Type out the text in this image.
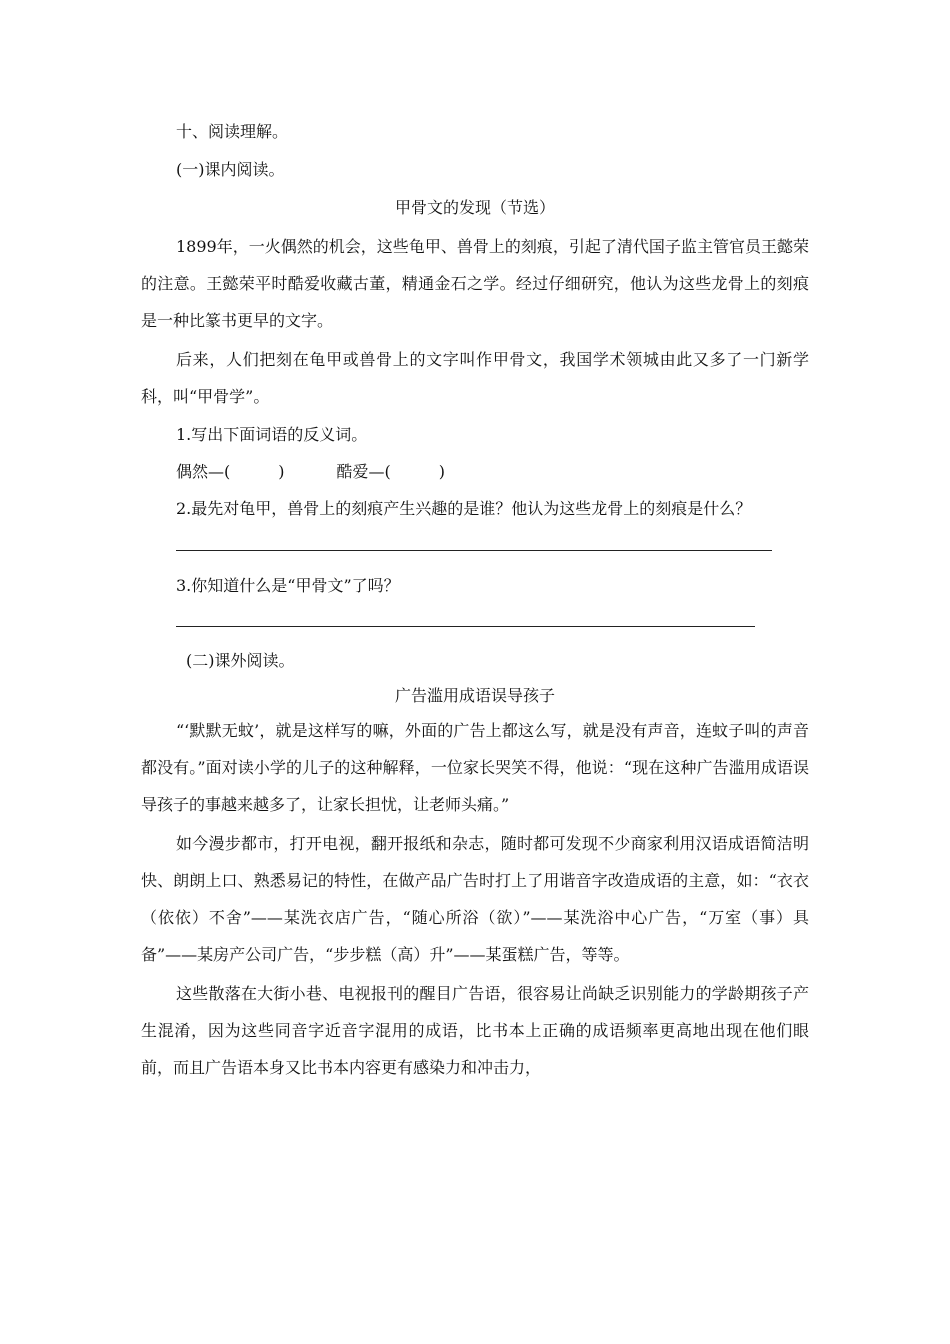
十、阅读理解。
(一)课内阅读。
甲骨文的发现（节选）
1899年，一火偶然的机会，这些龟甲、兽骨上的刻痕，引起了清代国子监主管官员王懿荣的注意。王懿荣平时酷爱收藏古董，精通金石之学。经过仔细研究，他认为这些龙骨上的刻痕是一种比篆书更早的文字。
后来，人们把刻在龟甲或兽骨上的文字叫作甲骨文，我国学术领城由此又多了一门新学科，叫“甲骨学”。
1.写出下面词语的反义词。
偶然—(　　　)	酷爱—(　　　)
2.最先对龟甲，兽骨上的刻痕产生兴趣的是谁？他认为这些龙骨上的刻痕是什么？
3.你知道什么是“甲骨文”了吗？
(二)课外阅读。
广告滥用成语误导孩子
“‘默默无蚊’，就是这样写的嘛，外面的广告上都这么写，就是没有声音，连蚊子叫的声音都没有。”面对读小学的儿子的这种解释，一位家长哭笑不得，他说：“现在这种广告滥用成语误导孩子的事越来越多了，让家长担忧，让老师头痛。”
如今漫步都市，打开电视，翻开报纸和杂志，随时都可发现不少商家利用汉语成语简洁明快、朗朗上口、熟悉易记的特性，在做产品广告时打上了用谐音字改造成语的主意，如：“衣衣（依依）不舍”——某洗衣店广告，“随心所浴（欲）”——某洗浴中心广告，“万室（事）具备”——某房产公司广告，“步步糕（高）升”——某蛋糕广告，等等。
这些散落在大街小巷、电视报刊的醒目广告语，很容易让尚缺乏识别能力的学龄期孩子产生混淆，因为这些同音字近音字混用的成语，比书本上正确的成语频率更高地出现在他们眼前，而且广告语本身又比书本内容更有感染力和冲击力，
